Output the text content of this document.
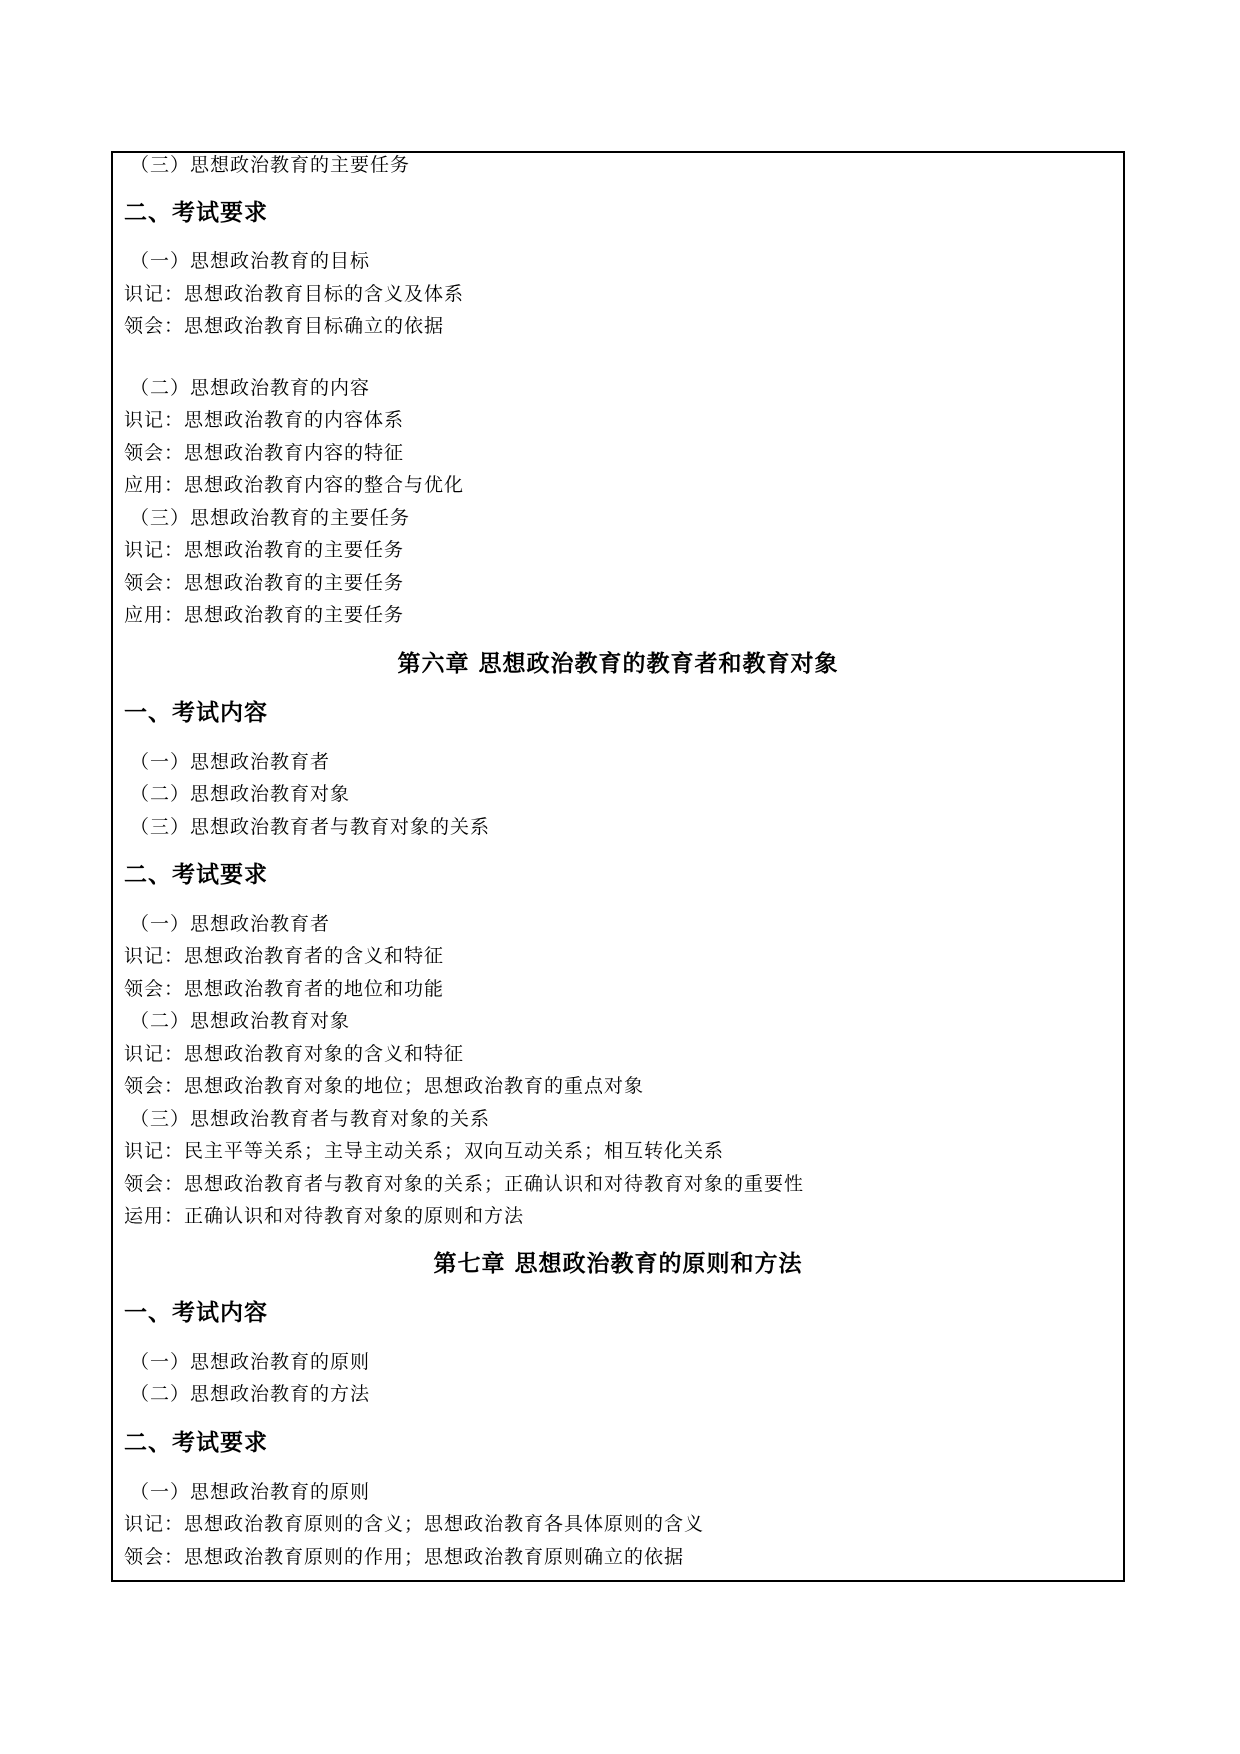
（三）思想政治教育的主要任务
二、考试要求
（一）思想政治教育的目标
识记：思想政治教育目标的含义及体系
领会：思想政治教育目标确立的依据
（二）思想政治教育的内容
识记：思想政治教育的内容体系
领会：思想政治教育内容的特征
应用：思想政治教育内容的整合与优化
（三）思想政治教育的主要任务
识记：思想政治教育的主要任务
领会：思想政治教育的主要任务
应用：思想政治教育的主要任务
第六章 思想政治教育的教育者和教育对象
一、考试内容
（一）思想政治教育者
（二）思想政治教育对象
（三）思想政治教育者与教育对象的关系
二、考试要求
（一）思想政治教育者
识记：思想政治教育者的含义和特征
领会：思想政治教育者的地位和功能
（二）思想政治教育对象
识记：思想政治教育对象的含义和特征
领会：思想政治教育对象的地位；思想政治教育的重点对象
（三）思想政治教育者与教育对象的关系
识记：民主平等关系；主导主动关系；双向互动关系；相互转化关系
领会：思想政治教育者与教育对象的关系；正确认识和对待教育对象的重要性
运用：正确认识和对待教育对象的原则和方法
第七章 思想政治教育的原则和方法
一、考试内容
（一）思想政治教育的原则
（二）思想政治教育的方法
二、考试要求
（一）思想政治教育的原则
识记：思想政治教育原则的含义；思想政治教育各具体原则的含义
领会：思想政治教育原则的作用；思想政治教育原则确立的依据
